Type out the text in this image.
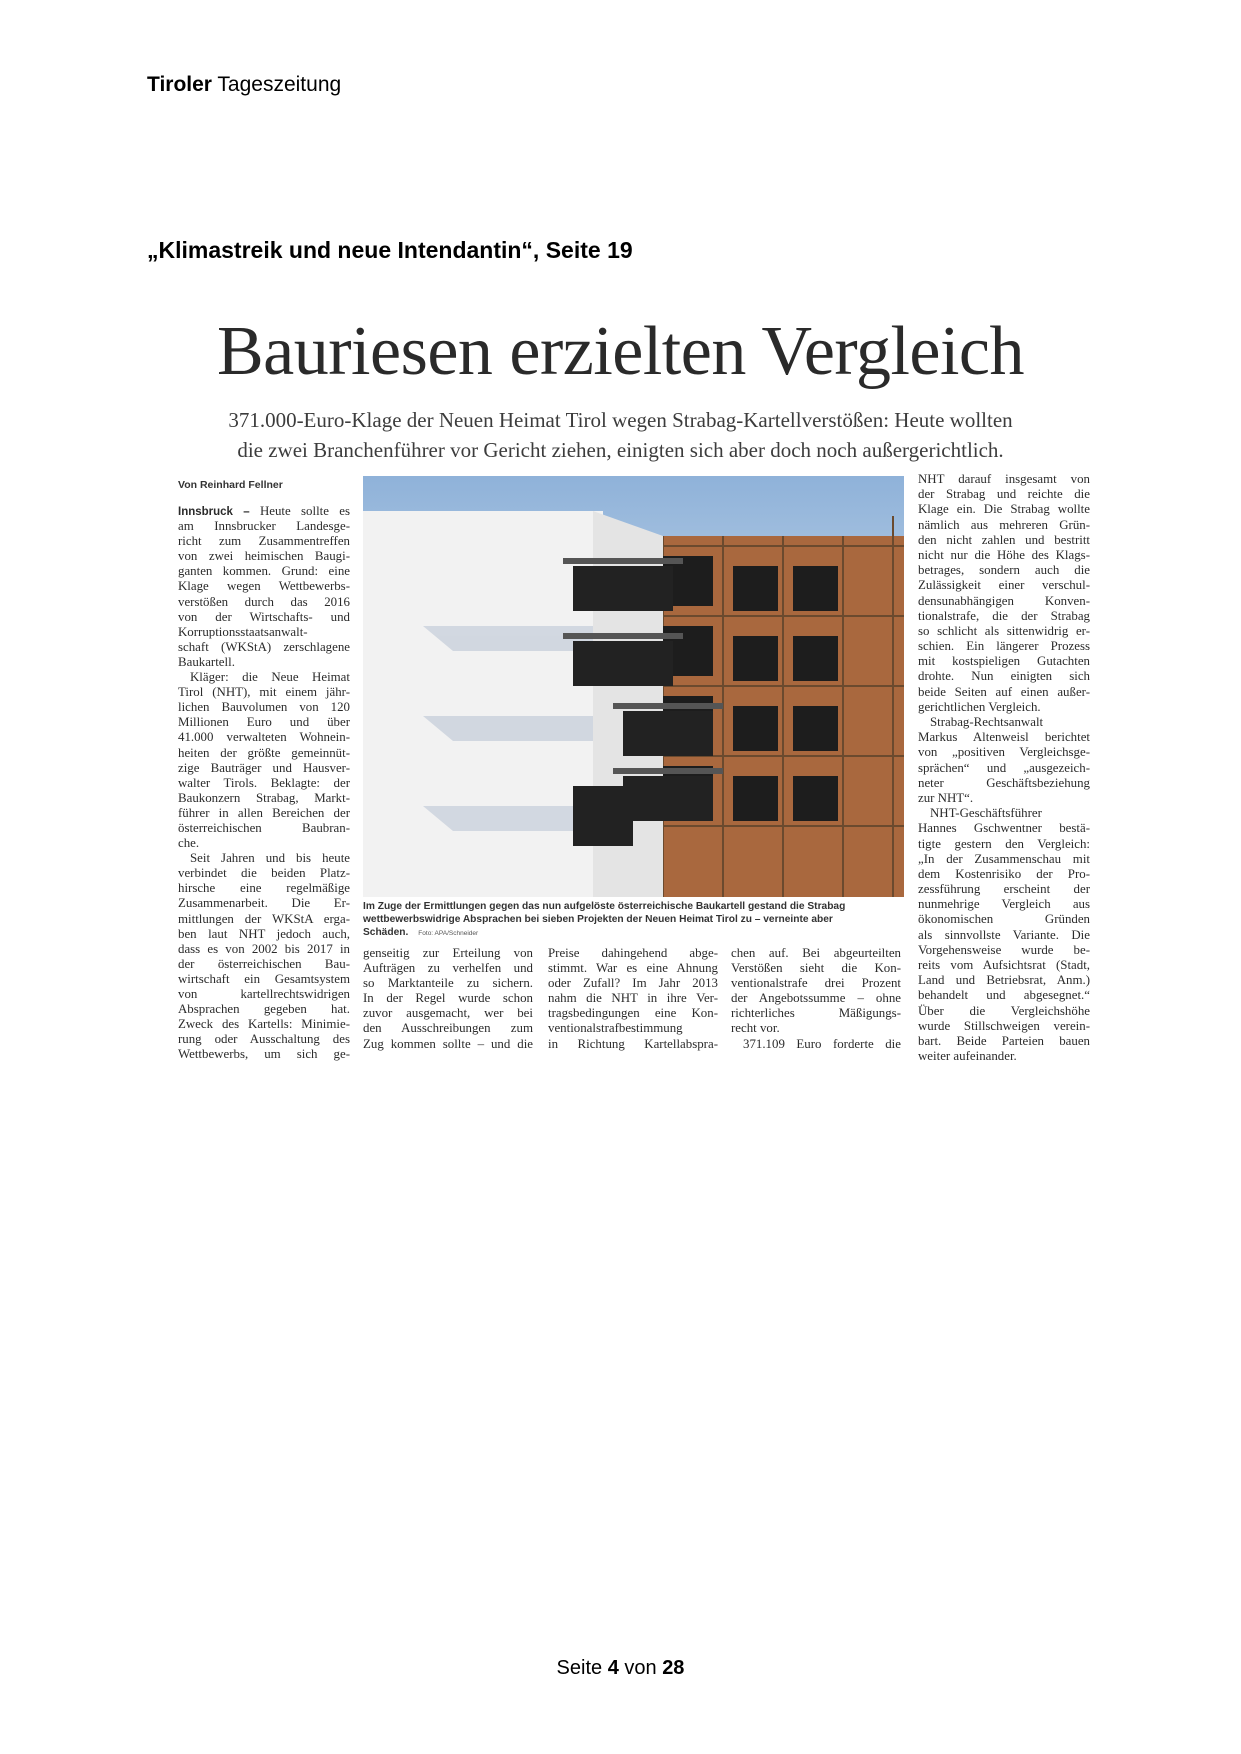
Tiroler Tageszeitung
„Klimastreik und neue Intendantin“, Seite 19
Bauriesen erzielten Vergleich
371.000-Euro-Klage der Neuen Heimat Tirol wegen Strabag-Kartellverstößen: Heute wollten
die zwei Branchenführer vor Gericht ziehen, einigten sich aber doch noch außergerichtlich.
Von Reinhard Fellner
Innsbruck – Heute sollte es
am Innsbrucker Landesge-
richt zum Zusammentreffen
von zwei heimischen Baugi-
ganten kommen. Grund: eine
Klage wegen Wettbewerbs-
verstößen durch das 2016
von der Wirtschafts- und
Korruptionsstaatsanwalt-
schaft (WKStA) zerschlagene
Baukartell.
Kläger: die Neue Heimat
Tirol (NHT), mit einem jähr-
lichen Bauvolumen von 120
Millionen Euro und über
41.000 verwalteten Wohnein-
heiten der größte gemeinnüt-
zige Bauträger und Hausver-
walter Tirols. Beklagte: der
Baukonzern Strabag, Markt-
führer in allen Bereichen der
österreichischen Baubran-
che.
Seit Jahren und bis heute
verbindet die beiden Platz-
hirsche eine regelmäßige
Zusammenarbeit. Die Er-
mittlungen der WKStA erga-
ben laut NHT jedoch auch,
dass es von 2002 bis 2017 in
der österreichischen Bau-
wirtschaft ein Gesamtsystem
von kartellrechtswidrigen
Absprachen gegeben hat.
Zweck des Kartells: Minimie-
rung oder Ausschaltung des
Wettbewerbs, um sich ge-
genseitig zur Erteilung von
Aufträgen zu verhelfen und
so Marktanteile zu sichern.
In der Regel wurde schon
zuvor ausgemacht, wer bei
den Ausschreibungen zum
Zug kommen sollte – und die
Preise dahingehend abge-
stimmt. War es eine Ahnung
oder Zufall? Im Jahr 2013
nahm die NHT in ihre Ver-
tragsbedingungen eine Kon-
ventionalstrafbestimmung
in Richtung Kartellabspra-
chen auf. Bei abgeurteilten
Verstößen sieht die Kon-
ventionalstrafe drei Prozent
der Angebotssumme – ohne
richterliches Mäßigungs-
recht vor.
371.109 Euro forderte die
NHT darauf insgesamt von
der Strabag und reichte die
Klage ein. Die Strabag wollte
nämlich aus mehreren Grün-
den nicht zahlen und bestritt
nicht nur die Höhe des Klags-
betrages, sondern auch die
Zulässigkeit einer verschul-
densunabhängigen Konven-
tionalstrafe, die der Strabag
so schlicht als sittenwidrig er-
schien. Ein längerer Prozess
mit kostspieligen Gutachten
drohte. Nun einigten sich
beide Seiten auf einen außer-
gerichtlichen Vergleich.
Strabag-Rechtsanwalt
Markus Altenweisl berichtet
von „positiven Vergleichsge-
sprächen“ und „ausgezeich-
neter Geschäftsbeziehung
zur NHT“.
NHT-Geschäftsführer
Hannes Gschwentner bestä-
tigte gestern den Vergleich:
„In der Zusammenschau mit
dem Kostenrisiko der Pro-
zessführung erscheint der
nunmehrige Vergleich aus
ökonomischen Gründen
als sinnvollste Variante. Die
Vorgehensweise wurde be-
reits vom Aufsichtsrat (Stadt,
Land und Betriebsrat, Anm.)
behandelt und abgesegnet.“
Über die Vergleichshöhe
wurde Stillschweigen verein-
bart. Beide Parteien bauen
weiter aufeinander.
Im Zuge der Ermittlungen gegen das nun aufgelöste österreichische Baukartell gestand die Strabag wettbewerbswidrige Absprachen bei sieben Projekten der Neuen Heimat Tirol zu – verneinte aber Schäden. Foto: APA/Schneider
Seite 4 von 28
